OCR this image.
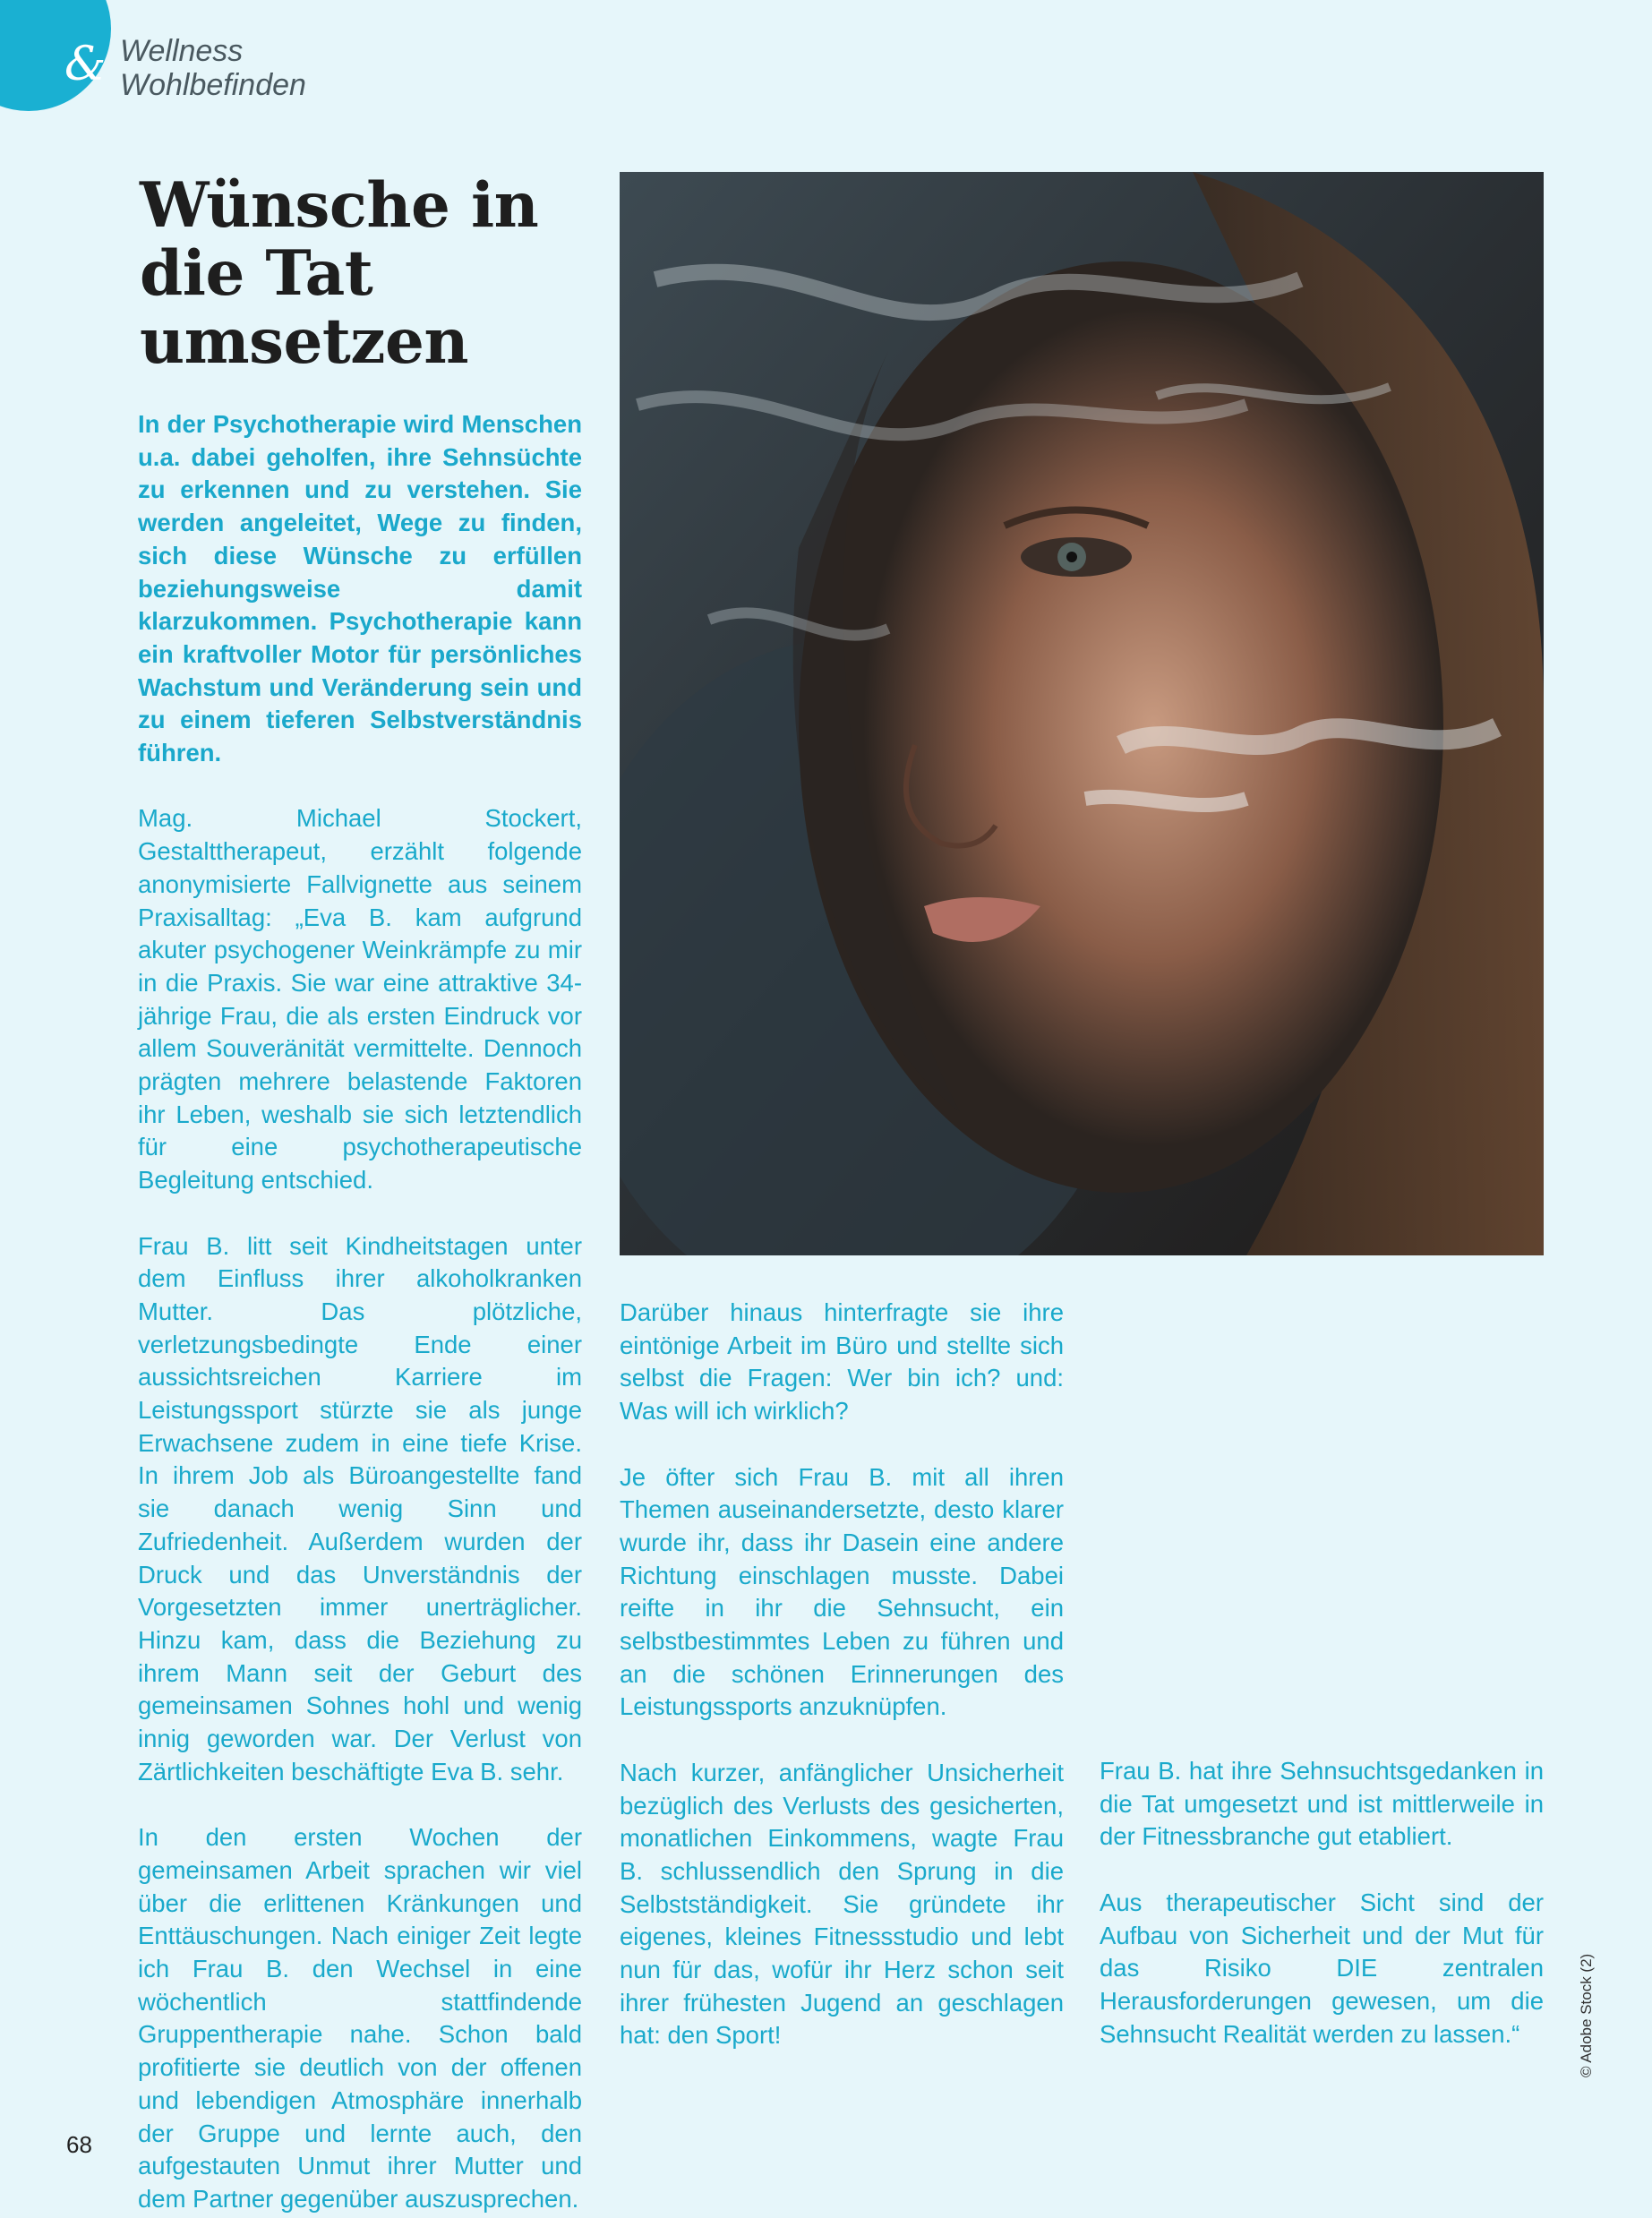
& Wellness
Wohlbefinden
Wünsche in die Tat umsetzen

In der Psychotherapie wird Menschen u.a. dabei geholfen, ihre Sehnsüchte zu erkennen und zu verstehen. Sie werden angeleitet, Wege zu finden, sich diese Wünsche zu erfüllen beziehungsweise damit klarzukommen. Psychotherapie kann ein kraftvoller Motor für persönliches Wachstum und Veränderung sein und zu einem tieferen Selbstverständnis führen.

Mag. Michael Stockert, Gestalttherapeut, erzählt folgende anonymisierte Fallvignette aus seinem Praxisalltag: „Eva B. kam aufgrund akuter psychogener Weinkrämpfe zu mir in die Praxis. Sie war eine attraktive 34-jährige Frau, die als ersten Eindruck vor allem Souveränität vermittelte. Dennoch prägten mehrere belastende Faktoren ihr Leben, weshalb sie sich letztendlich für eine psychotherapeutische Begleitung entschied.

Frau B. litt seit Kindheitstagen unter dem Einfluss ihrer alkoholkranken Mutter. Das plötzliche, verletzungsbedingte Ende einer aussichtsreichen Karriere im Leistungssport stürzte sie als junge Erwachsene zudem in eine tiefe Krise. In ihrem Job als Büroangestellte fand sie danach wenig Sinn und Zufriedenheit. Außerdem wurden der Druck und das Unverständnis der Vorgesetzten immer unerträglicher. Hinzu kam, dass die Beziehung zu ihrem Mann seit der Geburt des gemeinsamen Sohnes hohl und wenig innig geworden war. Der Verlust von Zärtlichkeiten beschäftigte Eva B. sehr.

In den ersten Wochen der gemeinsamen Arbeit sprachen wir viel über die erlittenen Kränkungen und Enttäuschungen. Nach einiger Zeit legte ich Frau B. den Wechsel in eine wöchentlich stattfindende Gruppentherapie nahe. Schon bald profitierte sie deutlich von der offenen und lebendigen Atmosphäre innerhalb der Gruppe und lernte auch, den aufgestauten Unmut ihrer Mutter und dem Partner gegenüber auszusprechen.

Darüber hinaus hinterfragte sie ihre eintönige Arbeit im Büro und stellte sich selbst die Fragen: Wer bin ich? und: Was will ich wirklich?

Je öfter sich Frau B. mit all ihren Themen auseinandersetzte, desto klarer wurde ihr, dass ihr Dasein eine andere Richtung einschlagen musste. Dabei reifte in ihr die Sehnsucht, ein selbstbestimmtes Leben zu führen und an die schönen Erinnerungen des Leistungssports anzuknüpfen.

Nach kurzer, anfänglicher Unsicherheit bezüglich des Verlusts des gesicherten, monatlichen Einkommens, wagte Frau B. schlussendlich den Sprung in die Selbstständigkeit. Sie gründete ihr eigenes, kleines Fitnessstudio und lebt nun für das, wofür ihr Herz schon seit ihrer frühesten Jugend an geschlagen hat: den Sport!

Frau B. hat ihre Sehnsuchtsgedanken in die Tat umgesetzt und ist mittlerweile in der Fitnessbranche gut etabliert.

Aus therapeutischer Sicht sind der Aufbau von Sicherheit und der Mut für das Risiko DIE zentralen Herausforderungen gewesen, um die Sehnsucht Realität werden zu lassen.“	© Adobe Stock (2)
68
